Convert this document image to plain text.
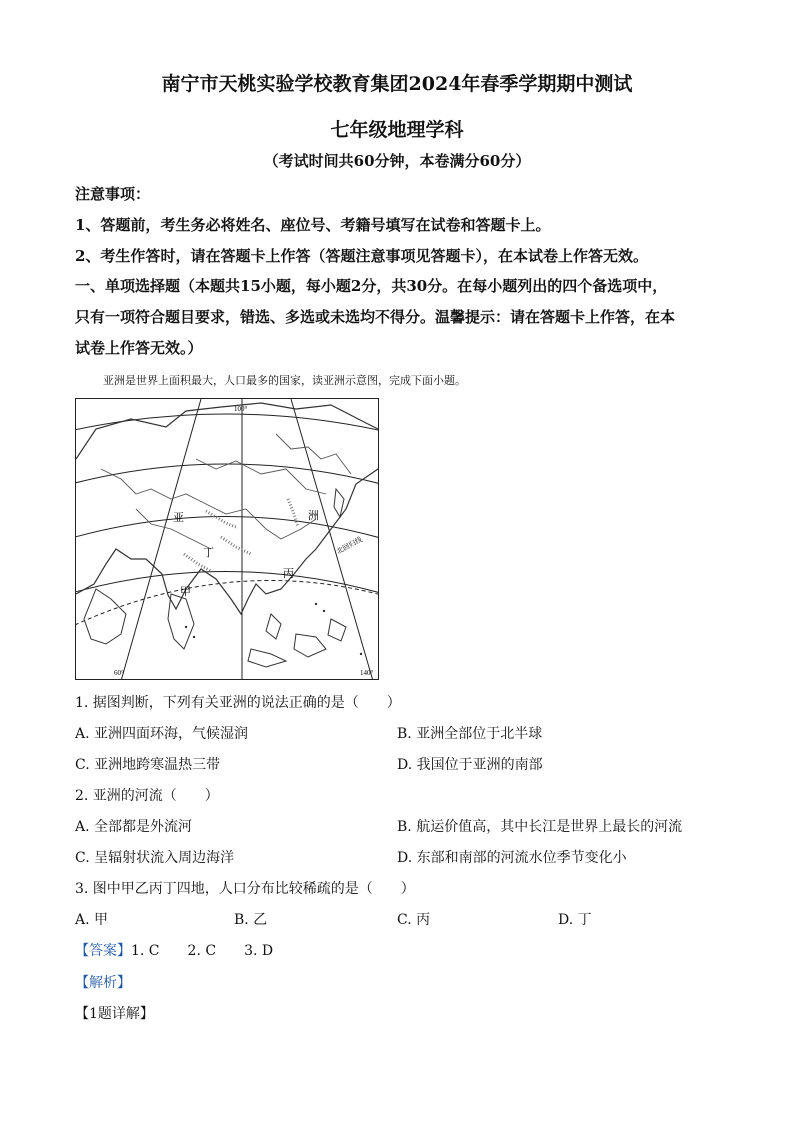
南宁市天桃实验学校教育集团2024年春季学期期中测试
七年级地理学科
（考试时间共60分钟，本卷满分60分）
注意事项：
1、答题前，考生务必将姓名、座位号、考籍号填写在试卷和答题卡上。
2、考生作答时，请在答题卡上作答（答题注意事项见答题卡），在本试卷上作答无效。
一、单项选择题（本题共15小题，每小题2分，共30分。在每小题列出的四个备选项中，
只有一项符合题目要求，错选、多选或未选均不得分。温馨提示：请在答题卡上作答，在本
试卷上作答无效。）
亚洲是世界上面积最大，人口最多的国家，读亚洲示意图，完成下面小题。
亚	洲
丁
丙
甲
北回归线
100°
60°	140°
1. 据图判断，下列有关亚洲的说法正确的是（　　）
A. 亚洲四面环海，气候湿润	B. 亚洲全部位于北半球
C. 亚洲地跨寒温热三带	D. 我国位于亚洲的南部
2. 亚洲的河流（　　）
A. 全部都是外流河	B. 航运价值高，其中长江是世界上最长的河流
C. 呈辐射状流入周边海洋	D. 东部和南部的河流水位季节变化小
3. 图中甲乙丙丁四地，人口分布比较稀疏的是（　　）
A. 甲	B. 乙	C. 丙	D. 丁
【答案】1. C 2. C 3. D
【解析】
【1题详解】
